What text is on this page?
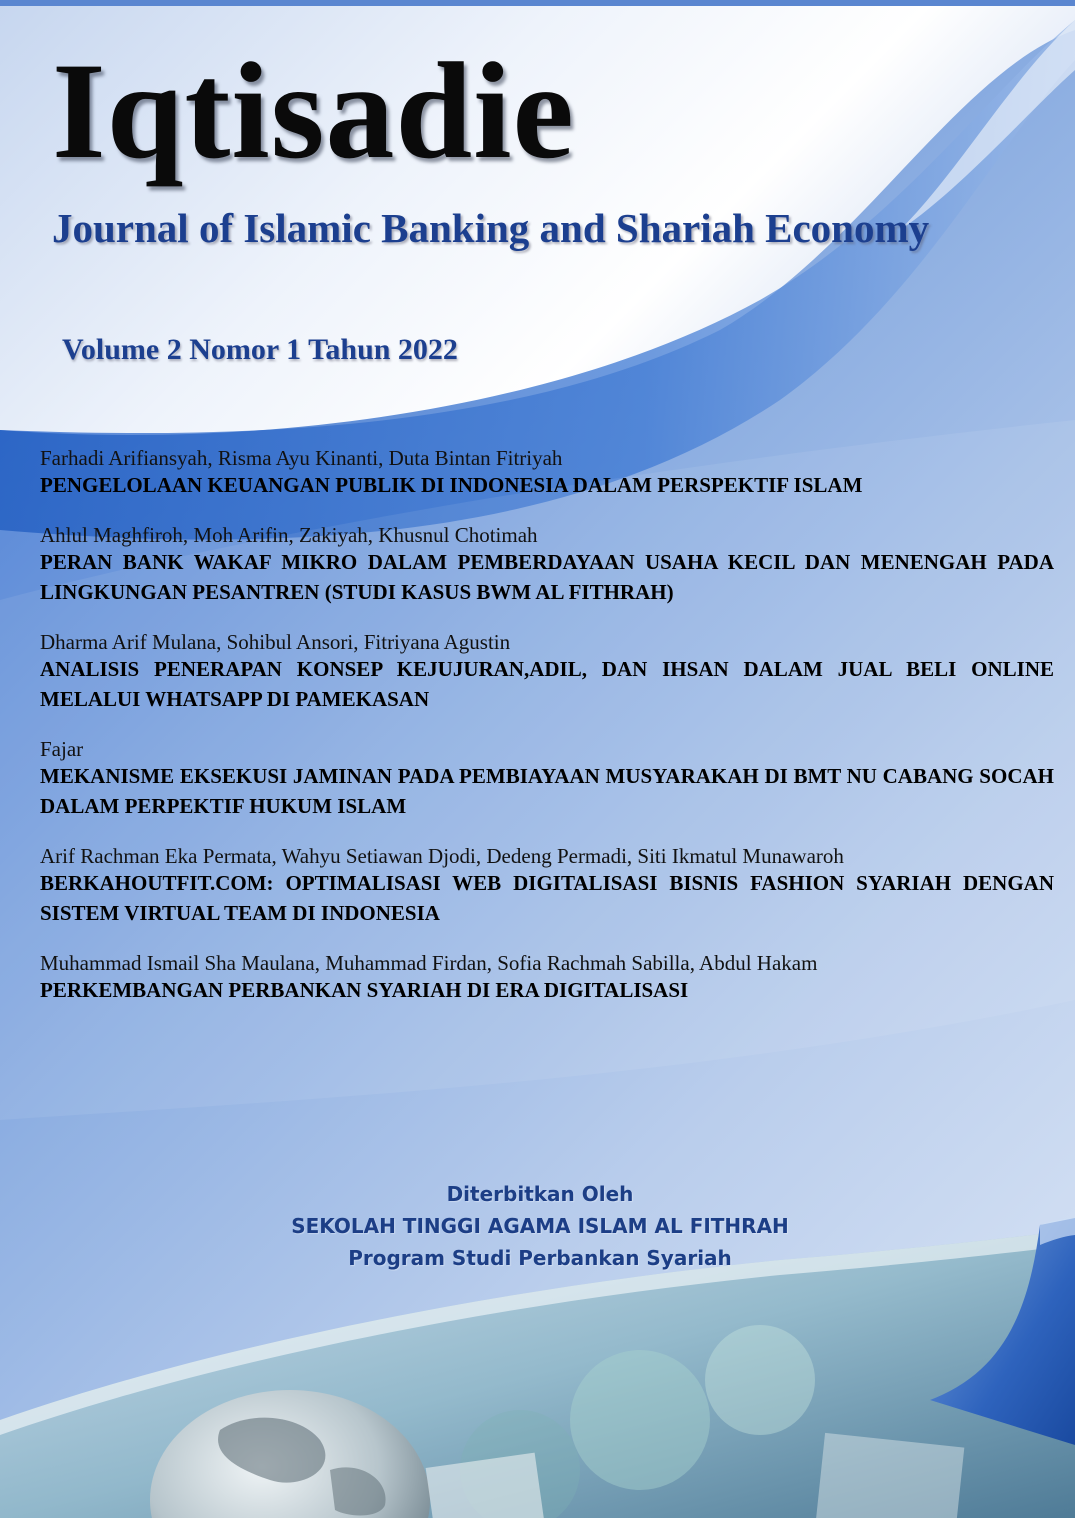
Iqtisadie
Journal of Islamic Banking and Shariah Economy
Volume 2 Nomor 1 Tahun 2022
Farhadi Arifiansyah, Risma Ayu Kinanti, Duta Bintan Fitriyah
PENGELOLAAN KEUANGAN PUBLIK DI INDONESIA DALAM PERSPEKTIF ISLAM
Ahlul Maghfiroh, Moh Arifin, Zakiyah, Khusnul Chotimah
PERAN BANK WAKAF MIKRO DALAM PEMBERDAYAAN USAHA KECIL DAN MENENGAH PADA LINGKUNGAN PESANTREN (STUDI KASUS BWM AL FITHRAH)
Dharma Arif Mulana, Sohibul Ansori, Fitriyana Agustin
ANALISIS PENERAPAN KONSEP KEJUJURAN,ADIL, DAN IHSAN DALAM JUAL BELI ONLINE MELALUI WHATSAPP DI PAMEKASAN
Fajar
MEKANISME EKSEKUSI JAMINAN PADA PEMBIAYAAN MUSYARAKAH DI BMT NU CABANG SOCAH DALAM PERPEKTIF HUKUM ISLAM
Arif Rachman Eka Permata, Wahyu Setiawan Djodi, Dedeng Permadi, Siti Ikmatul Munawaroh
BERKAHOUTFIT.COM: OPTIMALISASI WEB DIGITALISASI BISNIS FASHION SYARIAH DENGAN SISTEM VIRTUAL TEAM DI INDONESIA
Muhammad Ismail Sha Maulana, Muhammad Firdan, Sofia Rachmah Sabilla, Abdul Hakam
PERKEMBANGAN PERBANKAN SYARIAH DI ERA DIGITALISASI
Diterbitkan Oleh
SEKOLAH TINGGI AGAMA ISLAM AL FITHRAH
Program Studi Perbankan Syariah
